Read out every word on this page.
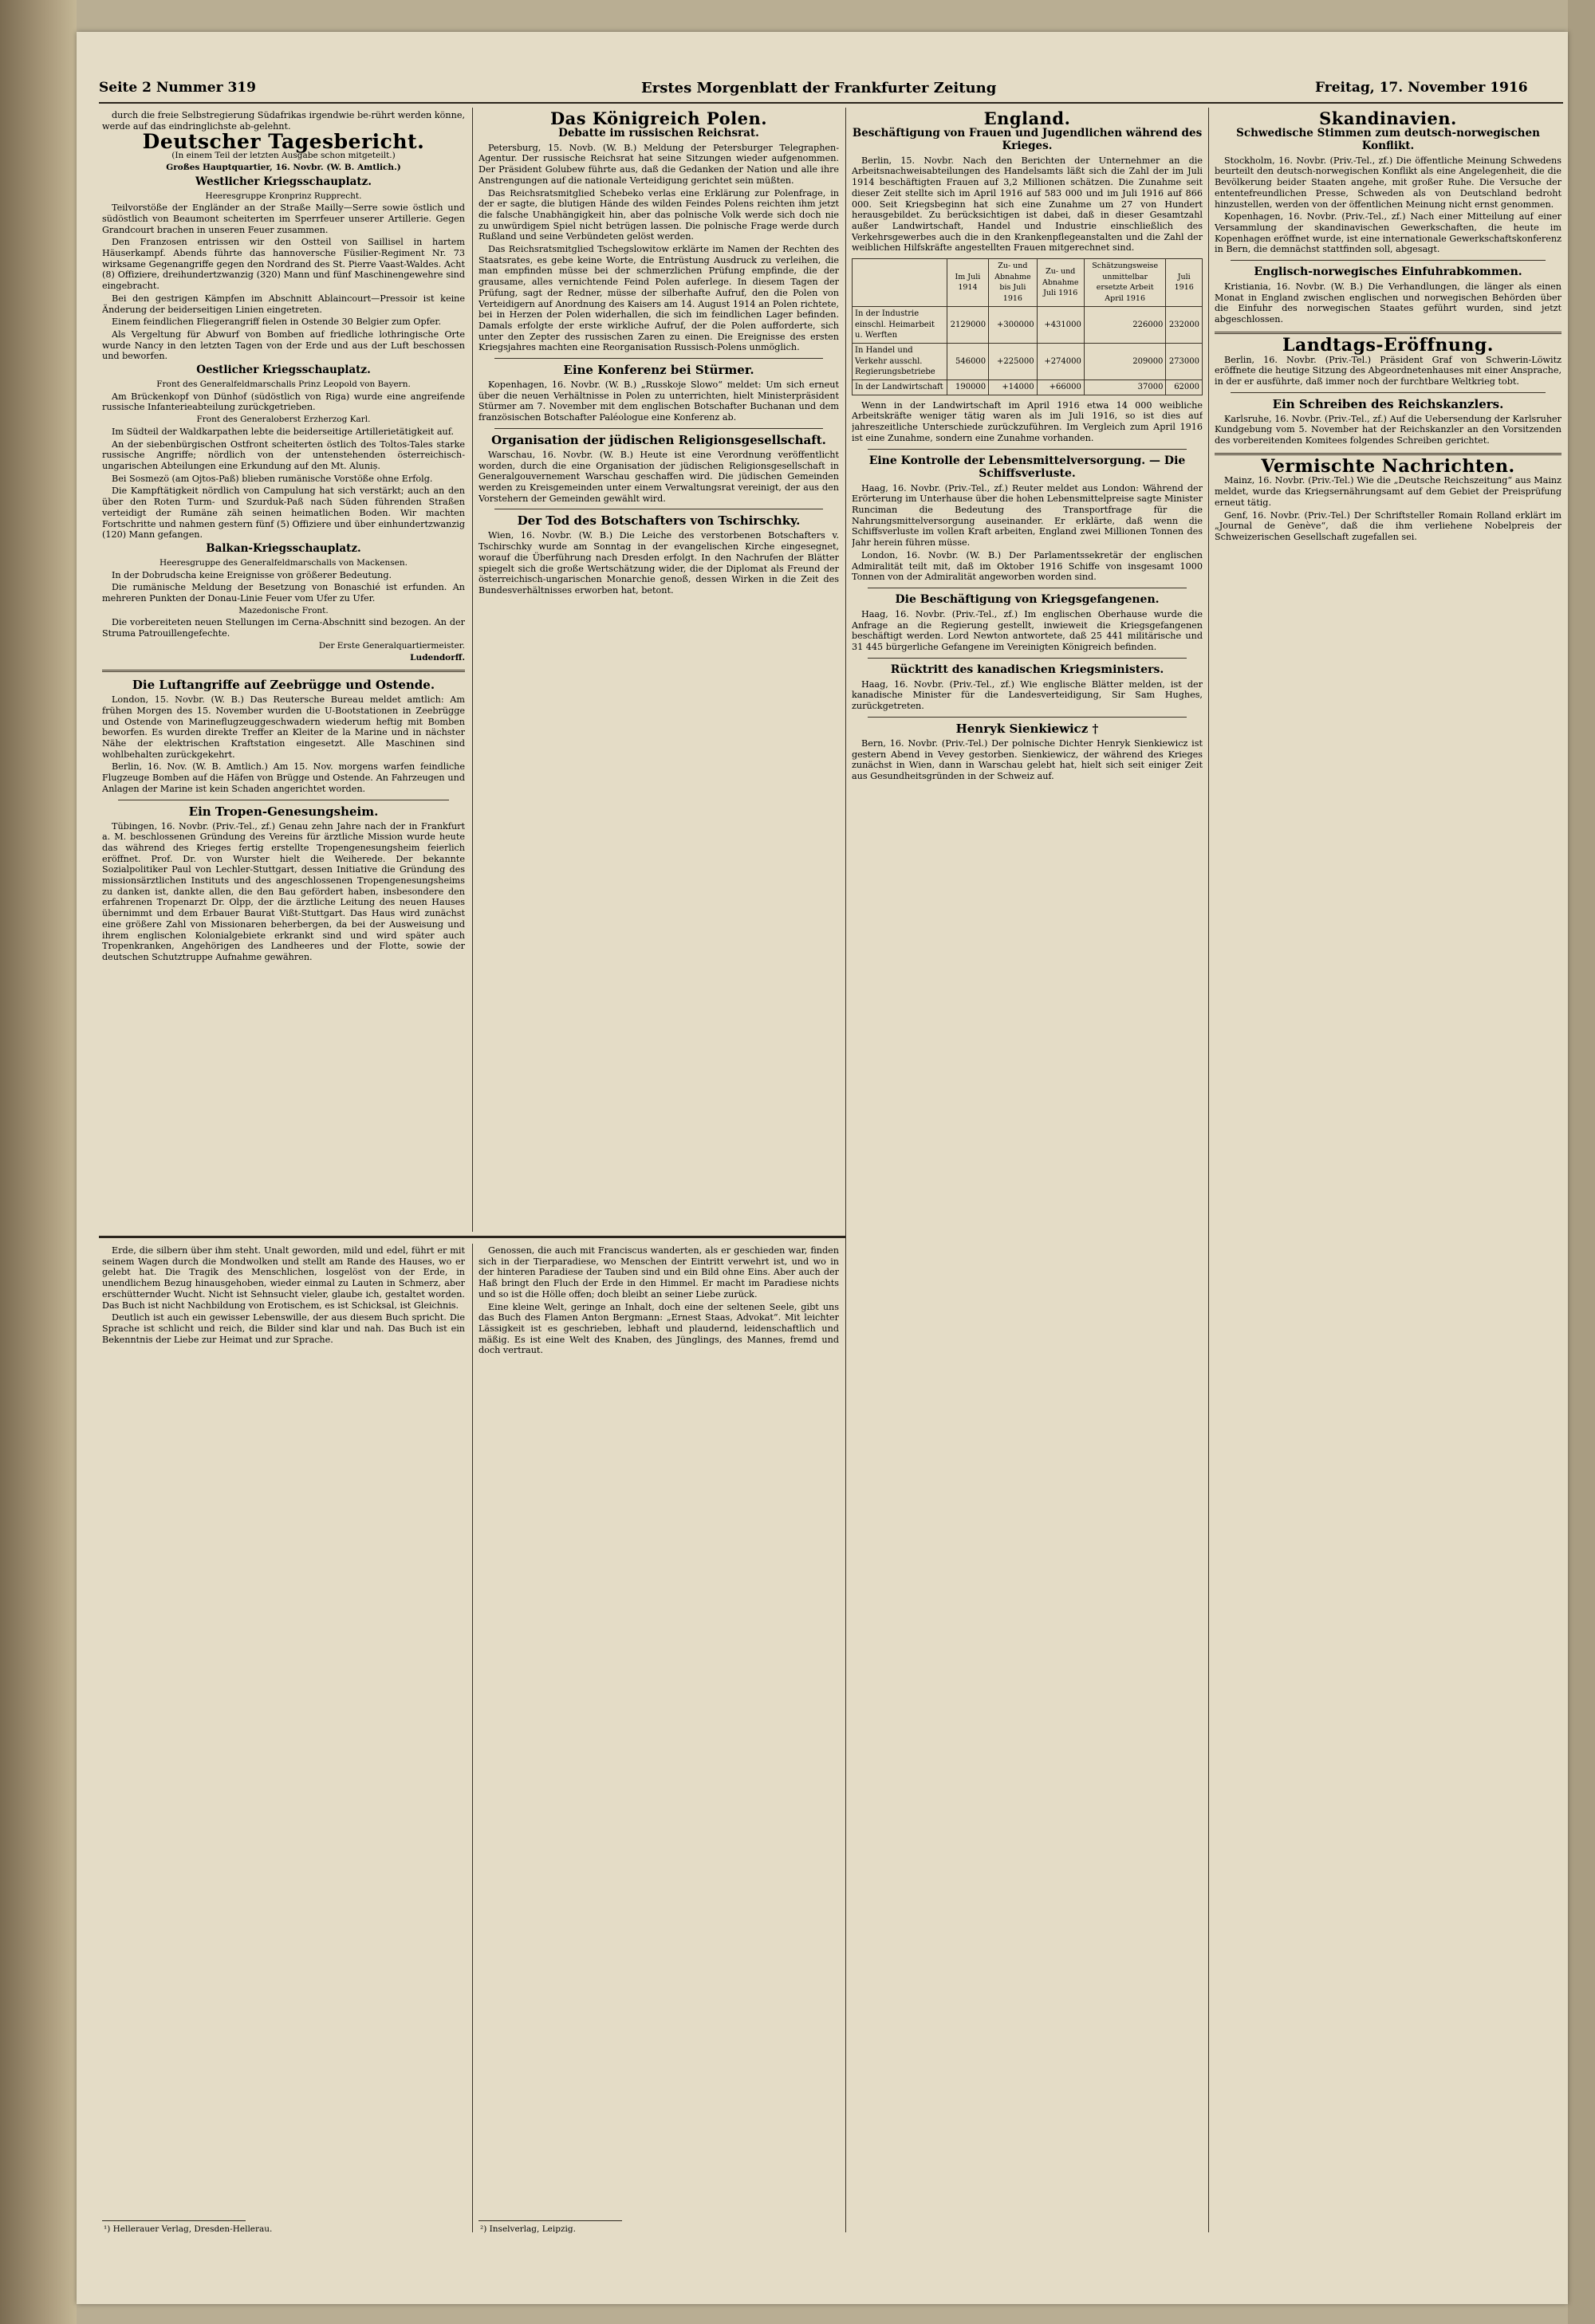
Seite 2 Nummer 319	Erstes Morgenblatt der Frankfurter Zeitung	Freitag, 17. November 1916

durch die freie Selbstregierung Südafrikas irgendwie be-rührt werden könne, werde auf das eindringlichste ab-gelehnt.

Deutscher Tagesbericht.
(In einem Teil der letzten Ausgabe schon mitgeteilt.)
Großes Hauptquartier, 16. Novbr. (W. B. Amtlich.)
Westlicher Kriegsschauplatz.
Heeresgruppe Kronprinz Rupprecht.

Teilvorstöße der Engländer an der Straße Mailly—Serre sowie östlich und südöstlich von Beaumont scheiterten im Sperrfeuer unserer Artillerie. Gegen Grandcourt brachen in unseren Feuer zusammen.

Den Franzosen entrissen wir den Ostteil von Saillisel in hartem Häuserkampf. Abends führte das hannoversche Füsilier-Regiment Nr. 73 wirksame Gegenangriffe gegen den Nordrand des St. Pierre Vaast-Waldes. Acht (8) Offiziere, dreihundertzwanzig (320) Mann und fünf Maschinengewehre sind eingebracht.

Bei den gestrigen Kämpfen im Abschnitt Ablaincourt—Pressoir ist keine Änderung der beiderseitigen Linien eingetreten.

Einem feindlichen Fliegerangriff fielen in Ostende 30 Belgier zum Opfer.

Als Vergeltung für Abwurf von Bomben auf friedliche lothringische Orte wurde Nancy in den letzten Tagen von der Erde und aus der Luft beschossen und beworfen.

Oestlicher Kriegsschauplatz.
Front des Generalfeldmarschalls Prinz Leopold von Bayern.

Am Brückenkopf von Dünhof (südöstlich von Riga) wurde eine angreifende russische Infanterieabteilung zurückgetrieben.

Front des Generaloberst Erzherzog Karl.

Im Südteil der Waldkarpathen lebte die beiderseitige Artillerietätigkeit auf.

An der siebenbürgischen Ostfront scheiterten östlich des Toltos-Tales starke russische Angriffe; nördlich von der untenstehenden österreichisch-ungarischen Abteilungen eine Erkundung auf den Mt. Aluniș.

Bei Sosmezö (am Ojtos-Paß) blieben rumänische Vorstöße ohne Erfolg.

Die Kampftätigkeit nördlich von Campulung hat sich verstärkt; auch an den über den Roten Turm- und Szurduk-Paß nach Süden führenden Straßen verteidigt der Rumäne zäh seinen heimatlichen Boden. Wir machten Fortschritte und nahmen gestern fünf (5) Offiziere und über einhundertzwanzig (120) Mann gefangen.

Balkan-Kriegsschauplatz.
Heeresgruppe des Generalfeldmarschalls von Mackensen.

In der Dobrudscha keine Ereignisse von größerer Bedeutung.

Die rumänische Meldung der Besetzung von Bonaschié ist erfunden. An mehreren Punkten der Donau-Linie Feuer vom Ufer zu Ufer.

Mazedonische Front.

Die vorbereiteten neuen Stellungen im Cerna-Abschnitt sind bezogen. An der Struma Patrouillengefechte.

Der Erste Generalquartiermeister.
Ludendorff.
Die Luftangriffe auf Zeebrügge und Ostende.

London, 15. Novbr. (W. B.) Das Reutersche Bureau meldet amtlich: Am frühen Morgen des 15. November wurden die U-Bootstationen in Zeebrügge und Ostende von Marineflugzeuggeschwadern wiederum heftig mit Bomben beworfen. Es wurden direkte Treffer an Kleiter de la Marine und in nächster Nähe der elektrischen Kraftstation eingesetzt. Alle Maschinen sind wohlbehalten zurückgekehrt.

Berlin, 16. Nov. (W. B. Amtlich.) Am 15. Nov. morgens warfen feindliche Flugzeuge Bomben auf die Häfen von Brügge und Ostende. An Fahrzeugen und Anlagen der Marine ist kein Schaden angerichtet worden.

Ein Tropen-Genesungsheim.

Tübingen, 16. Novbr. (Priv.-Tel., zf.) Genau zehn Jahre nach der in Frankfurt a. M. beschlossenen Gründung des Vereins für ärztliche Mission wurde heute das während des Krieges fertig erstellte Tropengenesungsheim feierlich eröffnet. Prof. Dr. von Wurster hielt die Weiherede. Der bekannte Sozialpolitiker Paul von Lechler-Stuttgart, dessen Initiative die Gründung des missionsärztlichen Instituts und des angeschlossenen Tropengenesungsheims zu danken ist, dankte allen, die den Bau gefördert haben, insbesondere den erfahrenen Tropenarzt Dr. Olpp, der die ärztliche Leitung des neuen Hauses übernimmt und dem Erbauer Baurat Vißt-Stuttgart. Das Haus wird zunächst eine größere Zahl von Missionaren beherbergen, da bei der Ausweisung und ihrem englischen Kolonialgebiete erkrankt sind und wird später auch Tropenkranken, Angehörigen des Landheeres und der Flotte, sowie der deutschen Schutztruppe Aufnahme gewähren.

Das Königreich Polen.
Debatte im russischen Reichsrat.

Petersburg, 15. Novb. (W. B.) Meldung der Petersburger Telegraphen-Agentur. Der russische Reichsrat hat seine Sitzungen wieder aufgenommen. Der Präsident Golubew führte aus, daß die Gedanken der Nation und alle ihre Anstrengungen auf die nationale Verteidigung gerichtet sein müßten.

Das Reichsratsmitglied Schebeko verlas eine Erklärung zur Polenfrage, in der er sagte, die blutigen Hände des wilden Feindes Polens reichten ihm jetzt die falsche Unabhängigkeit hin, aber das polnische Volk werde sich doch nie zu unwürdigem Spiel nicht betrügen lassen. Die polnische Frage werde durch Rußland und seine Verbündeten gelöst werden.

Das Reichsratsmitglied Tschegslowitow erklärte im Namen der Rechten des Staatsrates, es gebe keine Worte, die Entrüstung Ausdruck zu verleihen, die man empfinden müsse bei der schmerzlichen Prüfung empfinde, die der grausame, alles vernichtende Feind Polen auferlege. In diesem Tagen der Prüfung, sagt der Redner, müsse der silberhafte Aufruf, den die Polen von Verteidigern auf Anordnung des Kaisers am 14. August 1914 an Polen richtete, bei in Herzen der Polen widerhallen, die sich im feindlichen Lager befinden. Damals erfolgte der erste wirkliche Aufruf, der die Polen aufforderte, sich unter den Zepter des russischen Zaren zu einen. Die Ereignisse des ersten Kriegsjahres machten eine Reorganisation Russisch-Polens unmöglich.

Eine Konferenz bei Stürmer.

Kopenhagen, 16. Novbr. (W. B.) „Russkoje Slowo“ meldet: Um sich erneut über die neuen Verhältnisse in Polen zu unterrichten, hielt Ministerpräsident Stürmer am 7. November mit dem englischen Botschafter Buchanan und dem französischen Botschafter Paléologue eine Konferenz ab.

Organisation der jüdischen Religionsgesellschaft.

Warschau, 16. Novbr. (W. B.) Heute ist eine Verordnung veröffentlicht worden, durch die eine Organisation der jüdischen Religionsgesellschaft in Generalgouvernement Warschau geschaffen wird. Die jüdischen Gemeinden werden zu Kreisgemeinden unter einem Verwaltungsrat vereinigt, der aus den Vorstehern der Gemeinden gewählt wird.

Der Tod des Botschafters von Tschirschky.

Wien, 16. Novbr. (W. B.) Die Leiche des verstorbenen Botschafters v. Tschirschky wurde am Sonntag in der evangelischen Kirche eingesegnet, worauf die Überführung nach Dresden erfolgt. In den Nachrufen der Blätter spiegelt sich die große Wertschätzung wider, die der Diplomat als Freund der österreichisch-ungarischen Monarchie genoß, dessen Wirken in die Zeit des Bundesverhältnisses erworben hat, betont.

England.
Beschäftigung von Frauen und Jugendlichen während des Krieges.

Berlin, 15. Novbr. Nach den Berichten der Unternehmer an die Arbeitsnachweisabteilungen des Handelsamts läßt sich die Zahl der im Juli 1914 beschäftigten Frauen auf 3,2 Millionen schätzen. Die Zunahme seit dieser Zeit stellte sich im April 1916 auf 583 000 und im Juli 1916 auf 866 000. Seit Kriegsbeginn hat sich eine Zunahme um 27 von Hundert herausgebildet. Zu berücksichtigen ist dabei, daß in dieser Gesamtzahl außer Landwirtschaft, Handel und Industrie einschließlich des Verkehrsgewerbes auch die in den Krankenpflegeanstalten und die Zahl der weiblichen Hilfskräfte angestellten Frauen mitgerechnet sind.

	Im Juli 1914	Zu- und Abnahme bis Juli 1916	Zu- und Abnahme Juli 1916	Schätzungsweise unmittelbar ersetzte Arbeit April 1916	Juli 1916
In der Industrie einschl. Heimarbeit u. Werften	2129000	+300000	+431000	226000	232000
In Handel und Verkehr ausschl. Regierungsbetriebe	546000	+225000	+274000	209000	273000
In der Landwirtschaft	190000	+14000	+66000	37000	62000

Wenn in der Landwirtschaft im April 1916 etwa 14 000 weibliche Arbeitskräfte weniger tätig waren als im Juli 1916, so ist dies auf jahreszeitliche Unterschiede zurückzuführen. Im Vergleich zum April 1916 ist eine Zunahme, sondern eine Zunahme vorhanden.

Eine Kontrolle der Lebensmittelversorgung. — Die Schiffsverluste.

Haag, 16. Novbr. (Priv.-Tel., zf.) Reuter meldet aus London: Während der Erörterung im Unterhause über die hohen Lebensmittelpreise sagte Minister Runciman die Bedeutung des Transportfrage für die Nahrungsmittelversorgung auseinander. Er erklärte, daß wenn die Schiffsverluste im vollen Kraft arbeiten, England zwei Millionen Tonnen des Jahr herein führen müsse.

London, 16. Novbr. (W. B.) Der Parlamentssekretär der englischen Admiralität teilt mit, daß im Oktober 1916 Schiffe von insgesamt 1000 Tonnen von der Admiralität angeworben worden sind.

Die Beschäftigung von Kriegsgefangenen.

Haag, 16. Novbr. (Priv.-Tel., zf.) Im englischen Oberhause wurde die Anfrage an die Regierung gestellt, inwieweit die Kriegsgefangenen beschäftigt werden. Lord Newton antwortete, daß 25 441 militärische und 31 445 bürgerliche Gefangene im Vereinigten Königreich befinden.

Rücktritt des kanadischen Kriegsministers.

Haag, 16. Novbr. (Priv.-Tel., zf.) Wie englische Blätter melden, ist der kanadische Minister für die Landesverteidigung, Sir Sam Hughes, zurückgetreten.

Henryk Sienkiewicz †

Bern, 16. Novbr. (Priv.-Tel.) Der polnische Dichter Henryk Sienkiewicz ist gestern Abend in Vevey gestorben. Sienkiewicz, der während des Krieges zunächst in Wien, dann in Warschau gelebt hat, hielt sich seit einiger Zeit aus Gesundheitsgründen in der Schweiz auf.

Skandinavien.
Schwedische Stimmen zum deutsch-norwegischen Konflikt.

Stockholm, 16. Novbr. (Priv.-Tel., zf.) Die öffentliche Meinung Schwedens beurteilt den deutsch-norwegischen Konflikt als eine Angelegenheit, die die Bevölkerung beider Staaten angehe, mit großer Ruhe. Die Versuche der ententefreundlichen Presse, Schweden als von Deutschland bedroht hinzustellen, werden von der öffentlichen Meinung nicht ernst genommen.

Kopenhagen, 16. Novbr. (Priv.-Tel., zf.) Nach einer Mitteilung auf einer Versammlung der skandinavischen Gewerkschaften, die heute im Kopenhagen eröffnet wurde, ist eine internationale Gewerkschaftskonferenz in Bern, die demnächst stattfinden soll, abgesagt.

Englisch-norwegisches Einfuhrabkommen.

Kristiania, 16. Novbr. (W. B.) Die Verhandlungen, die länger als einen Monat in England zwischen englischen und norwegischen Behörden über die Einfuhr des norwegischen Staates geführt wurden, sind jetzt abgeschlossen.

Landtags-Eröffnung.

Berlin, 16. Novbr. (Priv.-Tel.) Präsident Graf von Schwerin-Löwitz eröffnete die heutige Sitzung des Abgeordnetenhauses mit einer Ansprache, in der er ausführte, daß immer noch der furchtbare Weltkrieg tobt.

Ein Schreiben des Reichskanzlers.

Karlsruhe, 16. Novbr. (Priv.-Tel., zf.) Auf die Uebersendung der Karlsruher Kundgebung vom 5. November hat der Reichskanzler an den Vorsitzenden des vorbereitenden Komitees folgendes Schreiben gerichtet.

Vermischte Nachrichten.

Mainz, 16. Novbr. (Priv.-Tel.) Wie die „Deutsche Reichszeitung“ aus Mainz meldet, wurde das Kriegsernährungsamt auf dem Gebiet der Preisprüfung erneut tätig.

Genf, 16. Novbr. (Priv.-Tel.) Der Schriftsteller Romain Rolland erklärt im „Journal de Genève“, daß die ihm verliehene Nobelpreis der Schweizerischen Gesellschaft zugefallen sei.

Erde, die silbern über ihm steht. Unalt geworden, mild und edel, führt er mit seinem Wagen durch die Mondwolken und stellt am Rande des Hauses, wo er gelebt hat. Die Tragik des Menschlichen, losgelöst von der Erde, in unendlichem Bezug hinausgehoben, wieder einmal zu Lauten in Schmerz, aber erschütternder Wucht. Nicht ist Sehnsucht vieler, glaube ich, gestaltet worden. Das Buch ist nicht Nachbildung von Erotischem, es ist Schicksal, ist Gleichnis.

Deutlich ist auch ein gewisser Lebenswille, der aus diesem Buch spricht. Die Sprache ist schlicht und reich, die Bilder sind klar und nah. Das Buch ist ein Bekenntnis der Liebe zur Heimat und zur Sprache.

Genossen, die auch mit Franciscus wanderten, als er geschieden war, finden sich in der Tierparadiese, wo Menschen der Eintritt verwehrt ist, und wo in der hinteren Paradiese der Tauben sind und ein Bild ohne Eins. Aber auch der Haß bringt den Fluch der Erde in den Himmel. Er macht im Paradiese nichts und so ist die Hölle offen; doch bleibt an seiner Liebe zurück.

Eine kleine Welt, geringe an Inhalt, doch eine der seltenen Seele, gibt uns das Buch des Flamen Anton Bergmann: „Ernest Staas, Advokat“. Mit leichter Lässigkeit ist es geschrieben, lebhaft und plaudernd, leidenschaftlich und mäßig. Es ist eine Welt des Knaben, des Jünglings, des Mannes, fremd und doch vertraut.

¹) Hellerauer Verlag, Dresden-Hellerau.	²) Inselverlag, Leipzig.
